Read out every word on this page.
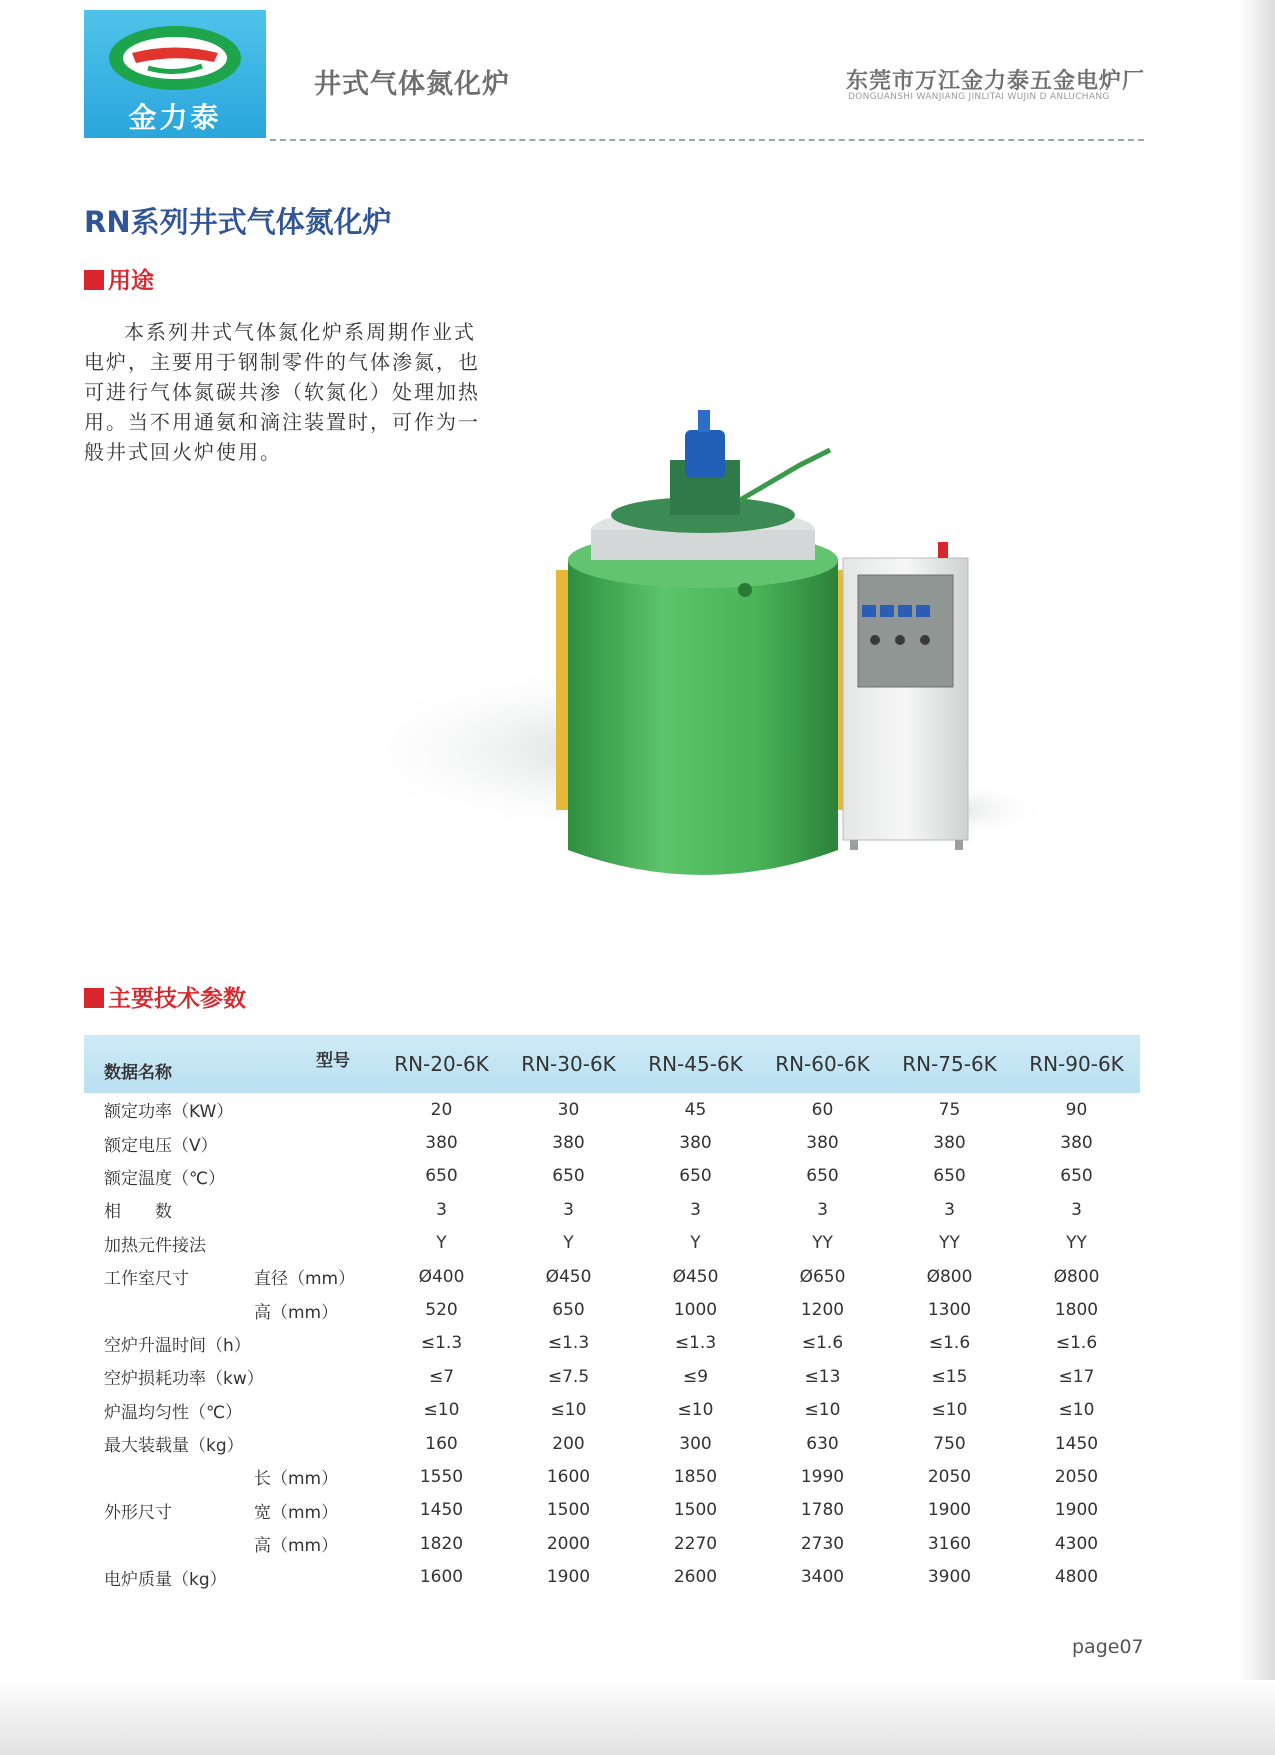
金力泰
井式气体氮化炉	东莞市万江金力泰五金电炉厂
DONGUANSHI WANJIANG JINLITAI WUJIN D ANLUCHANG
RN系列井式气体氮化炉
用途

本系列井式气体氮化炉系周期作业式电炉，主要用于钢制零件的气体渗氮，也可进行气体氮碳共渗（软氮化）处理加热用。当不用通氨和滴注装置时，可作为一般井式回火炉使用。

主要技术参数
数据名称
型号		RN-20-6K	RN-30-6K	RN-45-6K	RN-60-6K	RN-75-6K	RN-90-6K
额定功率（KW）		20	30	45	60	75	90
额定电压（V）		380	380	380	380	380	380
额定温度（℃）		650	650	650	650	650	650
相　　数		3	3	3	3	3	3
加热元件接法		Y	Y	Y	YY	YY	YY
工作室尺寸	直径（mm）	Ø400	Ø450	Ø450	Ø650	Ø800	Ø800
	高（mm）	520	650	1000	1200	1300	1800
空炉升温时间（h）		≤1.3	≤1.3	≤1.3	≤1.6	≤1.6	≤1.6
空炉损耗功率（kw）		≤7	≤7.5	≤9	≤13	≤15	≤17
炉温均匀性（℃）		≤10	≤10	≤10	≤10	≤10	≤10
最大装载量（kg）		160	200	300	630	750	1450
	长（mm）	1550	1600	1850	1990	2050	2050
外形尺寸	宽（mm）	1450	1500	1500	1780	1900	1900
	高（mm）	1820	2000	2270	2730	3160	4300
电炉质量（kg）		1600	1900	2600	3400	3900	4800
page07
